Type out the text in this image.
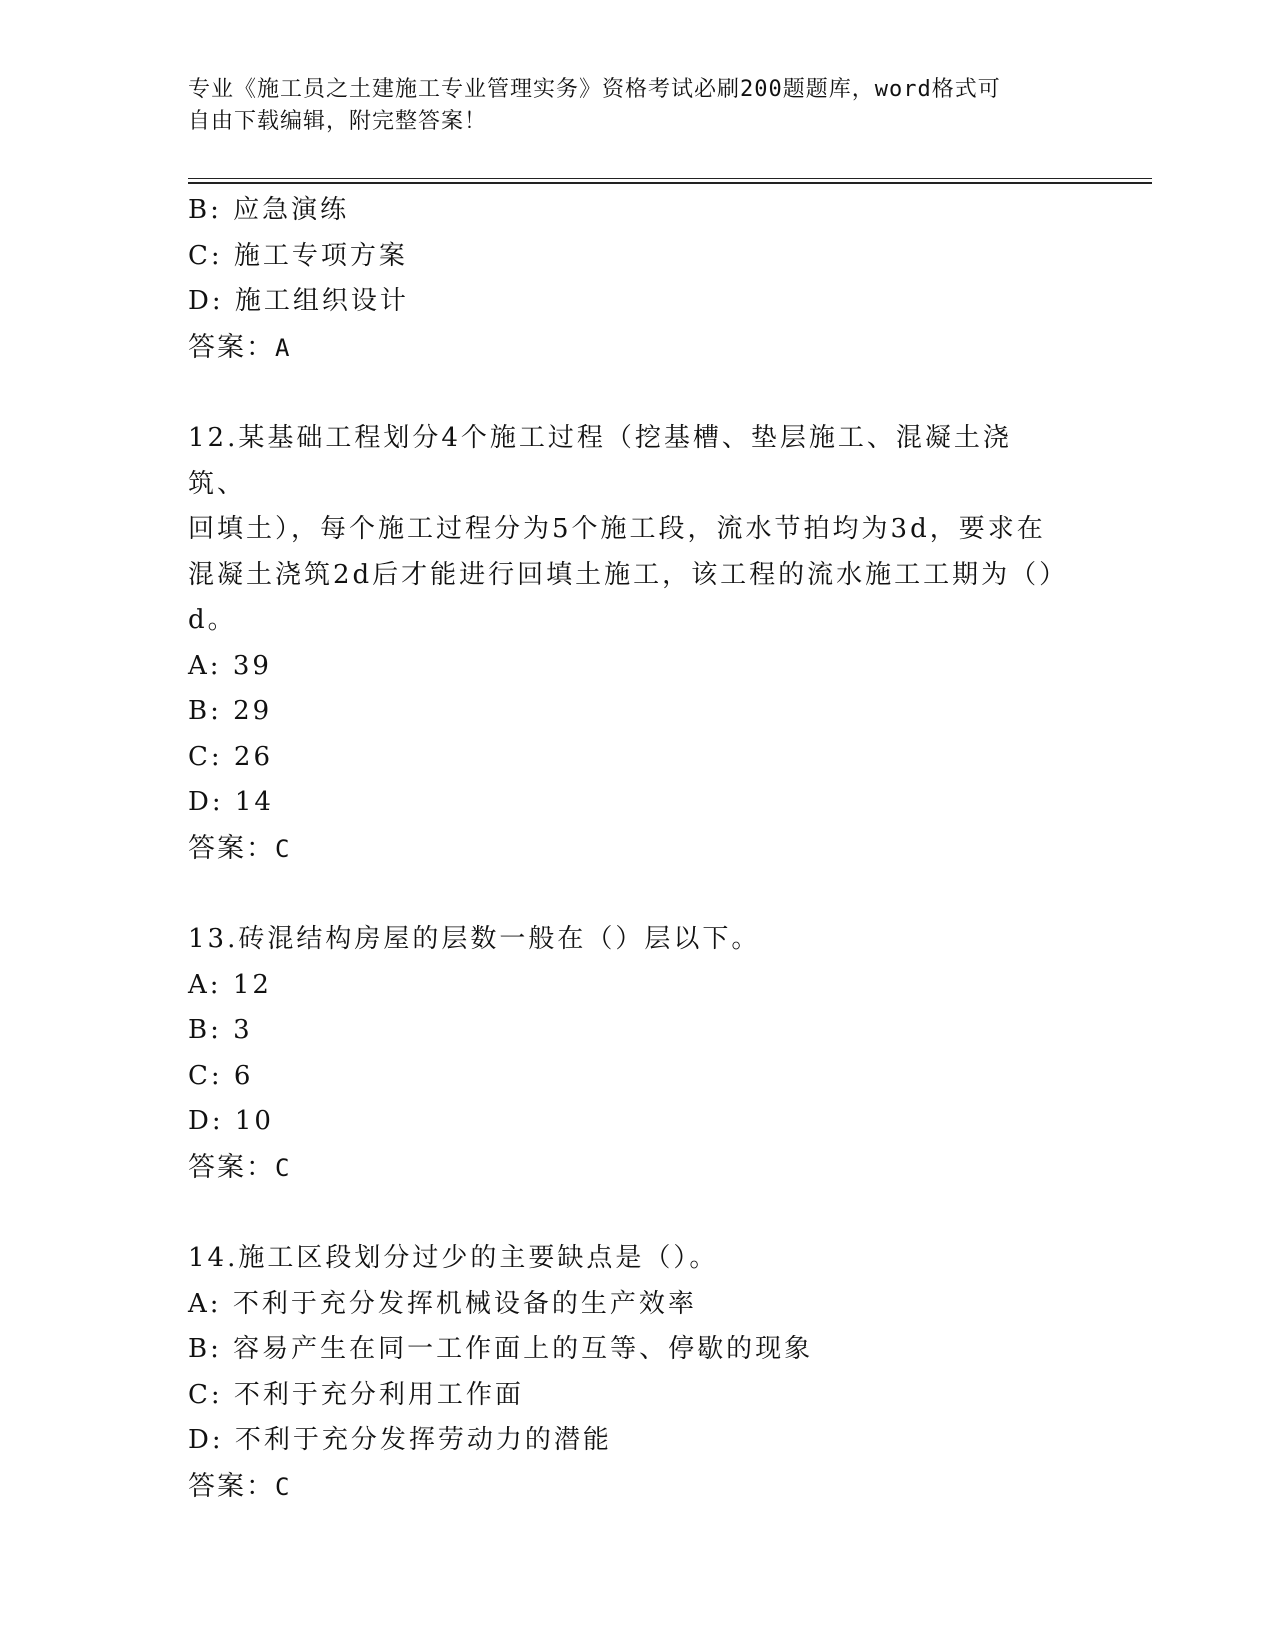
专业《施工员之土建施工专业管理实务》资格考试必刷200题题库，word格式可
自由下载编辑，附完整答案！
B: 应急演练
C: 施工专项方案
D: 施工组织设计
答案：A
12.某基础工程划分4个施工过程（挖基槽、垫层施工、混凝土浇筑、
回填土），每个施工过程分为5个施工段，流水节拍均为3d，要求在
混凝土浇筑2d后才能进行回填土施工，该工程的流水施工工期为（）
d。
A: 39
B: 29
C: 26
D: 14
答案：C
13.砖混结构房屋的层数一般在（）层以下。
A: 12
B: 3
C: 6
D: 10
答案：C
14.施工区段划分过少的主要缺点是（）。
A: 不利于充分发挥机械设备的生产效率
B: 容易产生在同一工作面上的互等、停歇的现象
C: 不利于充分利用工作面
D: 不利于充分发挥劳动力的潜能
答案：C
